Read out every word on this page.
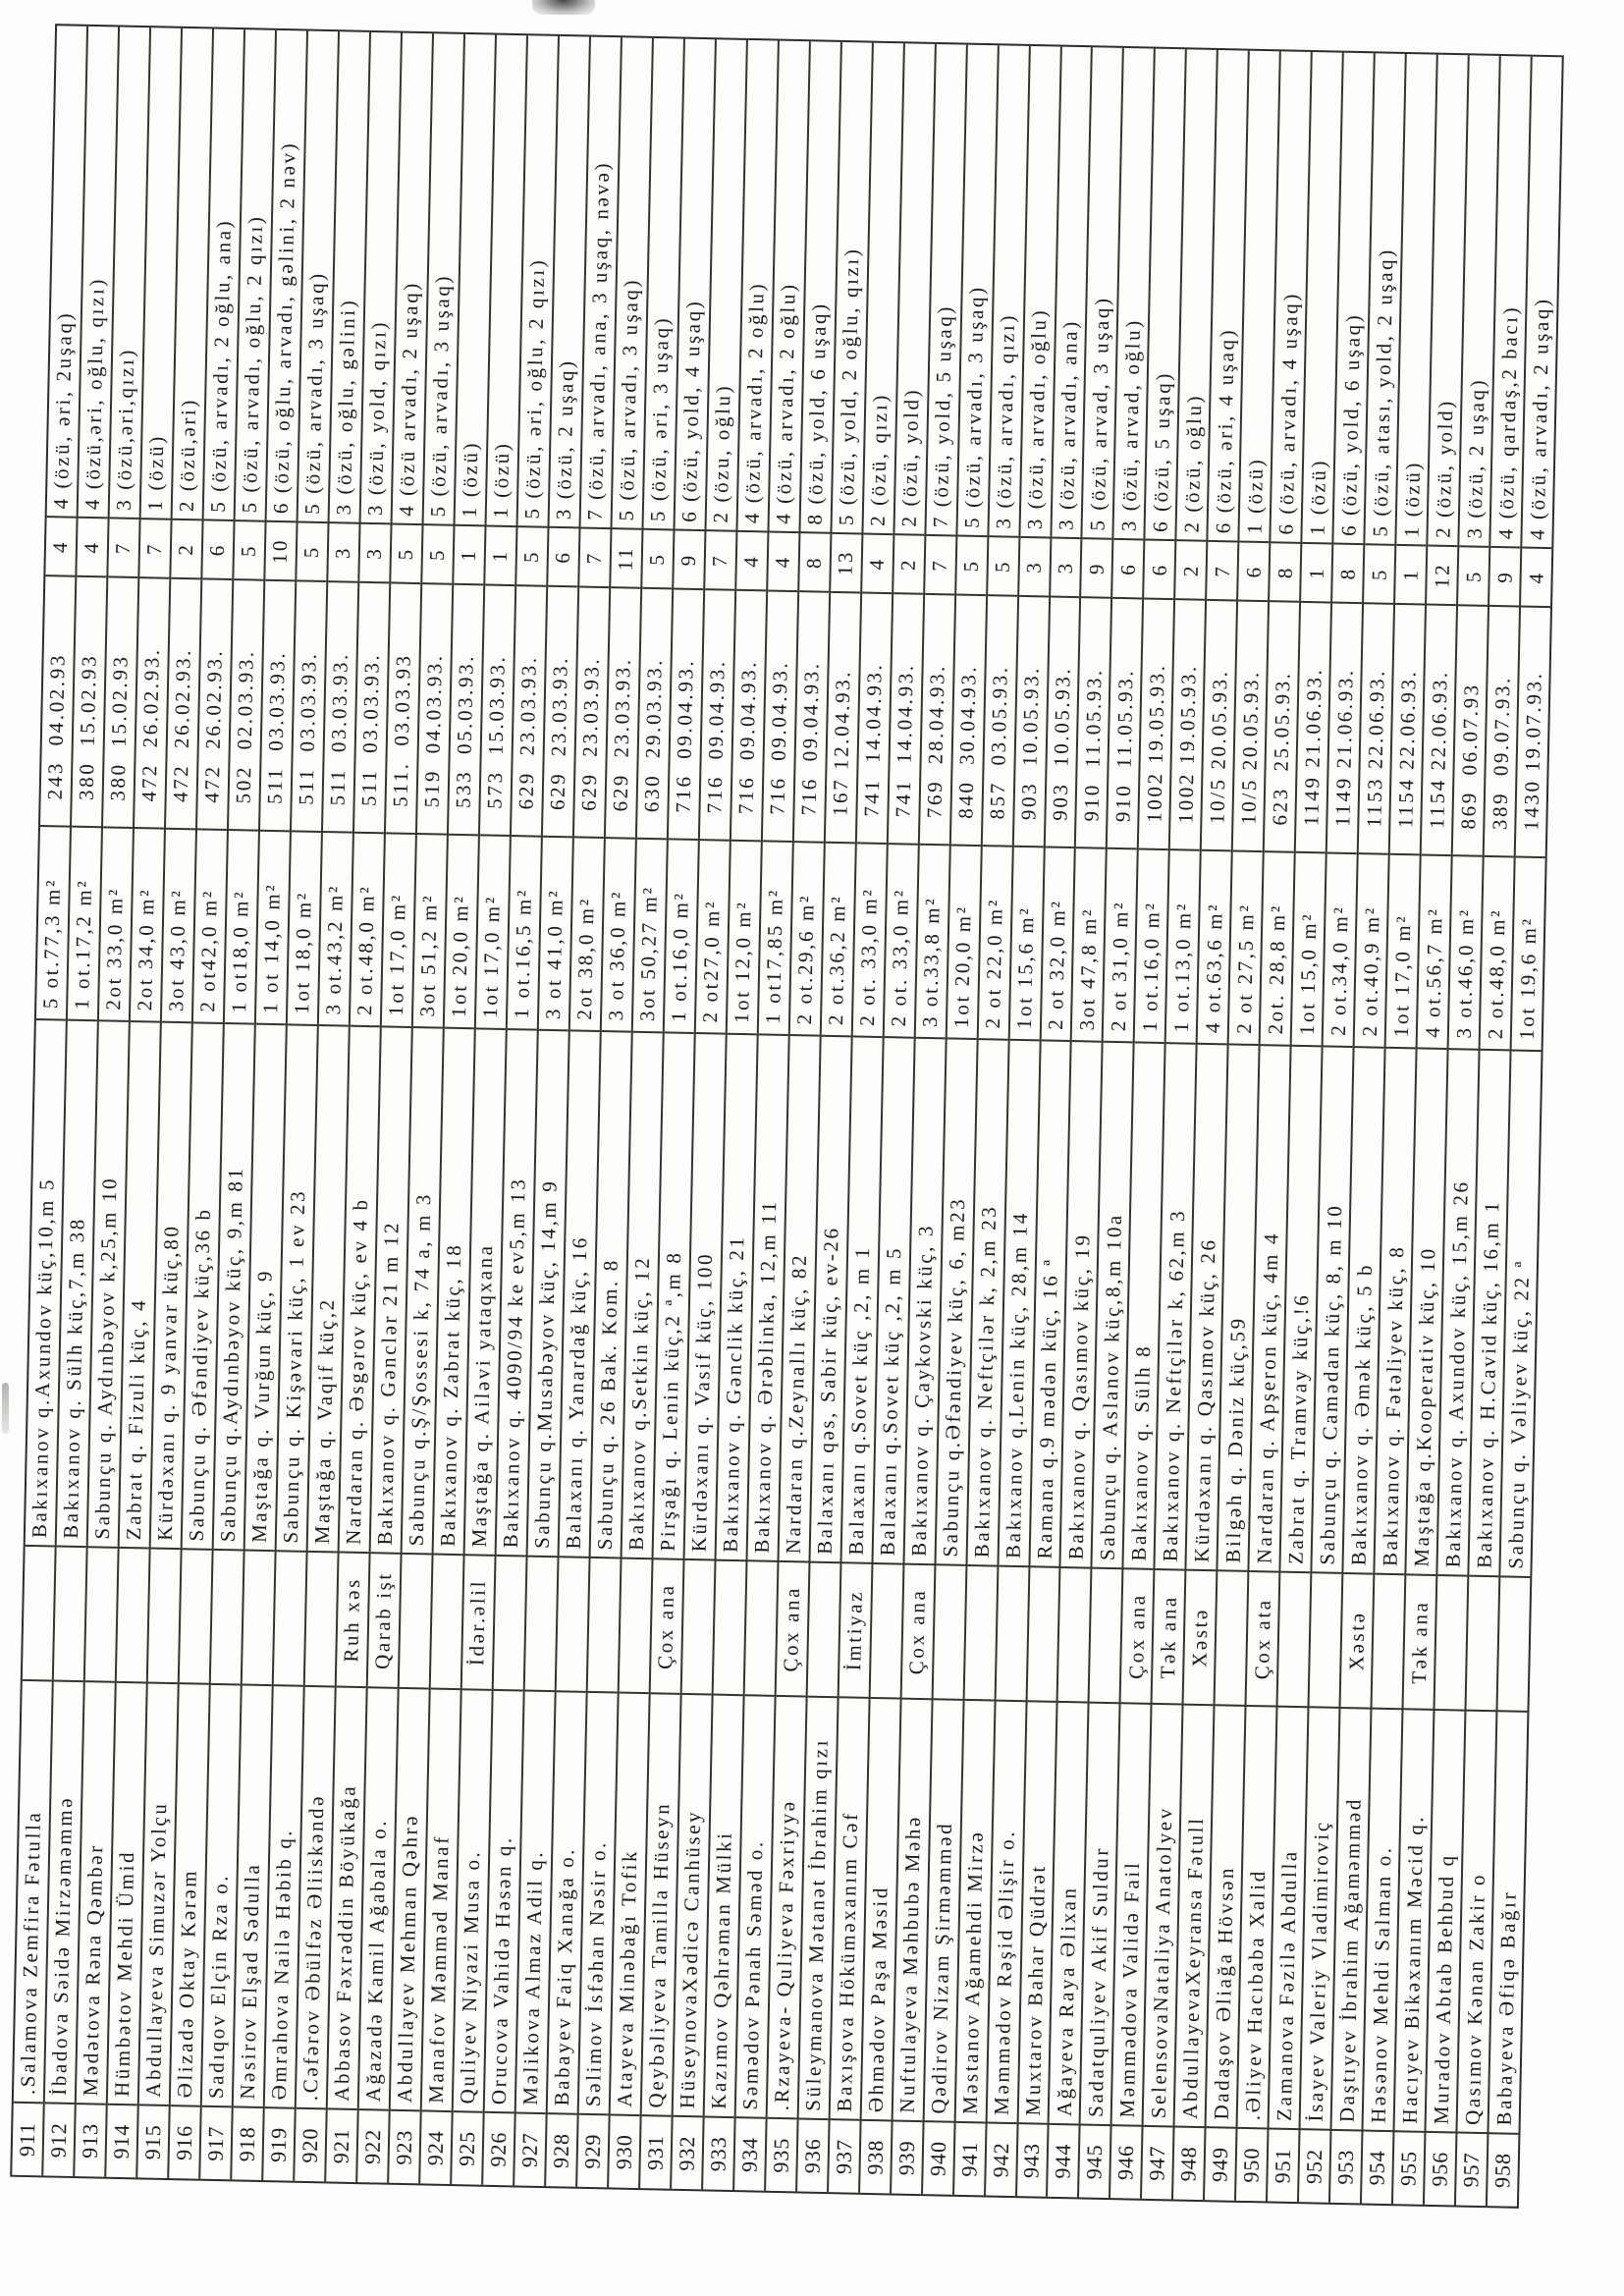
911
.Salamova Zemfira Fətulla
Bakıxanov q.Axundov küç,10,m 5
5 ot.77,3 m²
243  04.02.93
4
4 (özü, əri, 2uşaq)
912
İbadova Səidə Mirzəməmmə
Bakıxanov q. Sülh küç,7,m 38
1 ot.17,2 m²
380  15.02.93
4
4 (özü,əri, oğlu, qızı)
913
Mədətova Rəna Qəmbər
Sabunçu q. Aydınbəyov k,25,m 10
2ot 33,0 m²
380  15.02.93
7
3 (özü,əri,qızı)
914
Hümbətov Mehdi Ümid
Zabrat q. Fizuli küç, 4
2ot 34,0 m²
472  26.02.93.
7
1 (özü)
915
Abdullayeva Simuzər Yolçu
Kürdəxanı q. 9 yanvar küç,80
3ot 43,0 m²
472  26.02.93.
2
2 (özü,əri)
916
Əlizadə Oktay Kərəm
Sabunçu q. Əfəndiyev küç,36 b
2 ot42,0 m²
472  26.02.93.
6
5 (özü, arvadı, 2 oğlu, ana)
917
Sadıqov Elçin Rza o.
Sabunçu q.Aydınbəyov küç, 9,m 81
1 ot18,0 m²
502  02.03.93.
5
5 (özü, arvadı, oğlu, 2 qızı)
918
Nəsirov Elşad Sədulla
Maştağa q. Vurğun küç, 9
1 ot 14,0 m²
511  03.03.93.
10
6 (özü, oğlu, arvadı, gəlini, 2 nəv)
919
Əmrahova Nailə Həbib q.
Sabunçu q. Kişəvari küç, 1 ev 23
1ot 18,0 m²
511  03.03.93.
5
5 (özü, arvadı, 3 uşaq)
920
.Cəfərov Əbülfəz Əliiskəndə
Maştağa q. Vaqif küç,2
3 ot.43,2 m²
511  03.03.93.
3
3 (özü, oğlu, gəlini)
921
Abbasov Fəxrəddin Böyükağa
Ruh xəs
Nardaran q. Əsgərov küç, ev 4 b
2 ot.48,0 m²
511  03.03.93.
3
3 (özü, yold, qızı)
922
Ağazadə Kamil Ağabala o.
Qarab işt
Bakıxanov q. Gənclər 21 m 12
1ot 17,0 m²
511.  03.03.93
5
4 (özü arvadı, 2 uşaq)
923
Abdullayev Mehman Qəhrə
Sabunçu q.Ş/Şossesi k, 74 a, m 3
3ot 51,2 m²
519  04.03.93.
5
5 (özü, arvadı, 3 uşaq)
924
Manafov Məmməd Manaf
Bakıxanov q. Zabrat küç, 18
1ot 20,0 m²
533  05.03.93.
1
1 (özü)
925
Quliyev Niyazi Musa o.
İdər.əlil
Maştağa q. Ailəvi yataqxana
1ot 17,0 m²
573  15.03.93.
1
1 (özü)
926
Orucova Vahidə Həsən q.
Bakıxanov q. 4090/94 ke ev5,m 13
1 ot.16,5 m²
629  23.03.93.
5
5 (özü, əri, oğlu, 2 qızı)
927
Məlikova Almaz Adil q.
Sabunçu q.Musabəyov küç, 14,m 9
3 ot 41,0 m²
629  23.03.93.
6
3 (özü, 2 uşaq)
928
Babayev Faiq Xanağa o.
Balaxanı q. Yanardağ küç, 16
2ot 38,0 m²
629  23.03.93.
7
7 (özü, arvadı, ana, 3 uşaq, nəvə)
929
Səlimov İsfəhan Nəsir o.
Sabunçu q. 26 Bak. Kom. 8
3 ot 36,0 m²
629  23.03.93.
11
5 (özü, arvadı, 3 uşaq)
930
Atayeva Minəbağı Tofik
Bakıxanov q.Setkin küç, 12
3ot 50,27 m²
630  29.03.93.
5
5 (özü, əri, 3 uşaq)
931
Qeybəliyeva Tamilla Hüseyn
Çox ana
Pirşağı q. Lenin küç,2 ª,m 8
1 ot.16,0 m²
716  09.04.93.
9
6 (özü, yold, 4 uşaq)
932
HüseynovaXədicə Canhüsey
Kürdəxanı q. Vasif küç, 100
2 ot27,0 m²
716  09.04.93.
7
2 (özu, oğlu)
933
Kazımov Qəhrəman Mülki
Bakıxanov q. Gənclik küç, 21
1ot 12,0 m²
716  09.04.93.
4
4 (özü, arvadı, 2 oğlu)
934
Səmədov Pənah Səməd o.
Bakıxanov q. Ərəblinka, 12,m 11
1 ot17,85 m²
716  09.04.93.
4
4 (özü, arvadı, 2 oğlu)
935
.Rzayeva- Quliyeva Fəxriyyə
Çox ana
Nardaran q.Zeynallı küç, 82
2 ot.29,6 m²
716  09.04.93.
8
8 (özü, yold, 6 uşaq)
936
Süleymanova Mətanət İbrahim qızı
Balaxanı qəs, Sabir küç, ev-26
2 ot.36,2 m²
167 12.04.93.
13
5 (özü, yold, 2 oğlu, qızı)
937
Baxışova Höküməxanım Cəf
İmtiyaz
Balaxanı q.Sovet küç ,2, m 1
2 ot. 33,0 m²
741  14.04.93.
4
2 (özü, qızı)
938
Əhmədov Paşa Məsid
Balaxanı q.Sovet küç ,2, m 5
2 ot. 33,0 m²
741  14.04.93.
2
2 (özü, yold)
939
Nuftulayeva Məhbubə Məhə
Çox ana
Bakıxanov q. Çaykovski küç, 3
3 ot.33,8 m²
769  28.04.93.
7
7 (özü, yold, 5 uşaq)
940
Qədirov Nizam Şirməmməd
Sabunçu q.Əfəndiyev küç, 6, m23
1ot 20,0 m²
840  30.04.93.
5
5 (özü, arvadı, 3 uşaq)
941
Məstanov Ağamehdi Mirzə
Bakıxanov q. Neftçilər k, 2,m 23
2 ot 22,0 m²
857  03.05.93.
5
3 (özü, arvadı, qızı)
942
Məmmədov Rəşid Əlişir o.
Bakıxanov q.Lenin küç, 28,m 14
1ot 15,6 m²
903  10.05.93.
3
3 (özü, arvadı, oğlu)
943
Muxtarov Bahar Qüdrət
Ramana q.9 mədən küç, 16 ª
2 ot 32,0 m²
903  10.05.93.
3
3 (özü, arvadı, ana)
944
Ağayeva Raya Əlixan
Bakıxanov q. Qasımov küç, 19
3ot 47,8 m²
910  11.05.93.
9
5 (özü, arvad, 3 uşaq)
945
Sadatquliyev Akif Suldur
Sabunçu q. Aslanov küç,8,m 10a
2 ot 31,0 m²
910  11.05.93.
6
3 (özü, arvad, oğlu)
946
Məmmədova Validə Fail
Çox ana
Bakıxanov q. Sülh 8
1 ot.16,0 m²
1002 19.05.93.
6
6 (özü, 5 uşaq)
947
SelensovaNataliya Anatolyev
Tək ana
Bakıxanov q. Neftçilər k, 62,m 3
1 ot.13,0 m²
1002 19.05.93.
2
2 (özü, oğlu)
948
AbdullayevaXeyransa Fətull
Xəstə
Kürdəxanı q. Qasımov küç, 26
4 ot.63,6 m²
10/5 20.05.93.
7
6 (özü, əri, 4 uşaq)
949
Dadaşov Əliağa Hövsən
Bilgəh q. Dəniz küç,59
2 ot 27,5 m²
10/5 20.05.93.
6
1 (özü)
950
.Əliyev Hacıbaba Xalid
Çox ata
Nardaran q. Apşeron küç, 4m 4
2ot. 28,8 m²
623  25.05.93.
8
6 (özü, arvadı, 4 uşaq)
951
Zamanova Fəzilə Abdulla
Zabrat q. Tramvay küç,!6
1ot 15,0 m²
1149 21.06.93.
1
1 (özü)
952
İsayev Valeriy Vladimiroviç
Sabunçu q. Camədan küç, 8, m 10
2 ot.34,0 m²
1149 21.06.93.
8
6 (özü, yold, 6 uşaq)
953
Daştıyev İbrahim Ağaməmməd
Xəstə
Bakıxanov q. Əmək küç, 5 b
2 ot.40,9 m²
1153 22.06.93.
5
5 (özü, atası, yold, 2 uşaq)
954
Həsənov Mehdi Salman o.
Bakıxanov q. Fətəliyev küç, 8
1ot 17,0 m²
1154 22.06.93.
1
1 (özü)
955
Hacıyev Bikəxanım Məcid q.
Tək ana
Maştağa q.Kooperativ küç, 10
4 ot.56,7 m²
1154 22.06.93.
12
2 (özü, yold)
956
Muradov Abtab Behbud q
Bakıxanov q. Axundov küç, 15,m 26
3 ot.46,0 m²
869  06.07.93
5
3 (özü, 2 uşaq)
957
Qasımov Kənan Zakir o
Bakıxanov q. H.Cavid küç, 16,m 1
2 ot.48,0 m²
389  09.07.93.
9
4 (özü, qardaş,2 bacı)
958
Babayeva Əfiqə Bağır
Sabunçu q. Vəliyev küç, 22 ª
1ot 19,6 m²
1430 19.07.93.
4
4 (özü, arvadı, 2 uşaq)
